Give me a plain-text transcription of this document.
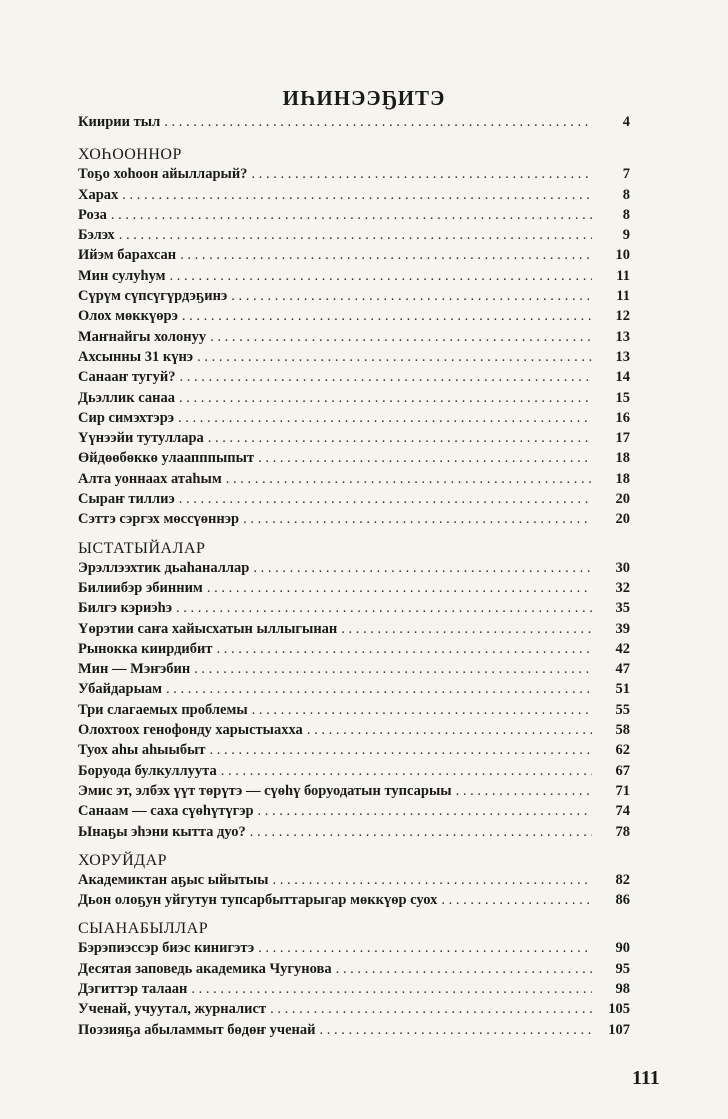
ИҺИНЭЭҔИТЭ
Киирии тыл . . .	4
ХОҺООННОР
Тоҕо хоһоон айылларый? . . .	7
Харах . . .	8
Роза . . .	8
Бэлэх . . .	9
Ийэм барахсан . . .	10
Мин сулуһум . . .	11
Сүрүм сүпсүгүрдэҕинэ . . .	11
Олох мөккүөрэ . . .	12
Маҥнайгы холонуу . . .	13
Ахсынны 31 күнэ . . .	13
Санааҥ тугуй? . . .	14
Дьэллик санаа . . .	15
Сир симэхтэрэ . . .	16
Үүнээйи тутуллара . . .	17
Өйдөөбөккө улаапппыпыт . . .	18
Алта уоннаах атаһым . . .	18
Сыраҥ тиллиэ . . .	20
Сэттэ сэргэх мөссүөннэр . . .	20
ЫСТАТЫЙАЛАР
Эрэллээхтик дьаһаналлар . . .	30
Билиибэр эбинним . . .	32
Билгэ кэриэһэ . . .	35
Үөрэтии саҥа хайысхатын ыллыгынан . . .	39
Рынокка киирдибит . . .	42
Мин — Мэҥэбин . . .	47
Убайдарыам . . .	51
Три слагаемых проблемы . . .	55
Олохтоох генофонду харыстыахха . . .	58
Туох аһы аһыыбыт . . .	62
Боруода булкуллуута . . .	67
Эмис эт, элбэх үүт төрүтэ — сүөһү боруодатын тупсарыы . . .	71
Санаам — саха сүөһүтүгэр . . .	74
Ынаҕы эһэни кытта дуо? . . .	78
ХОРУЙДАР
Академиктан аҕыс ыйытыы . . .	82
Дьон олоҕун уйгутун тупсарбыттарыгар мөккүөр суох . . .	86
СЫАНАБЫЛЛАР
Бэрэпиэссэр биэс кинигэтэ . . .	90
Десятая заповедь академика Чугунова . . .	95
Дэгиттэр талаан . . .	98
Ученай, учуутал, журналист . . .	105
Поэзияҕа абыламмыт бөдөҥ ученай . . .	107
111
